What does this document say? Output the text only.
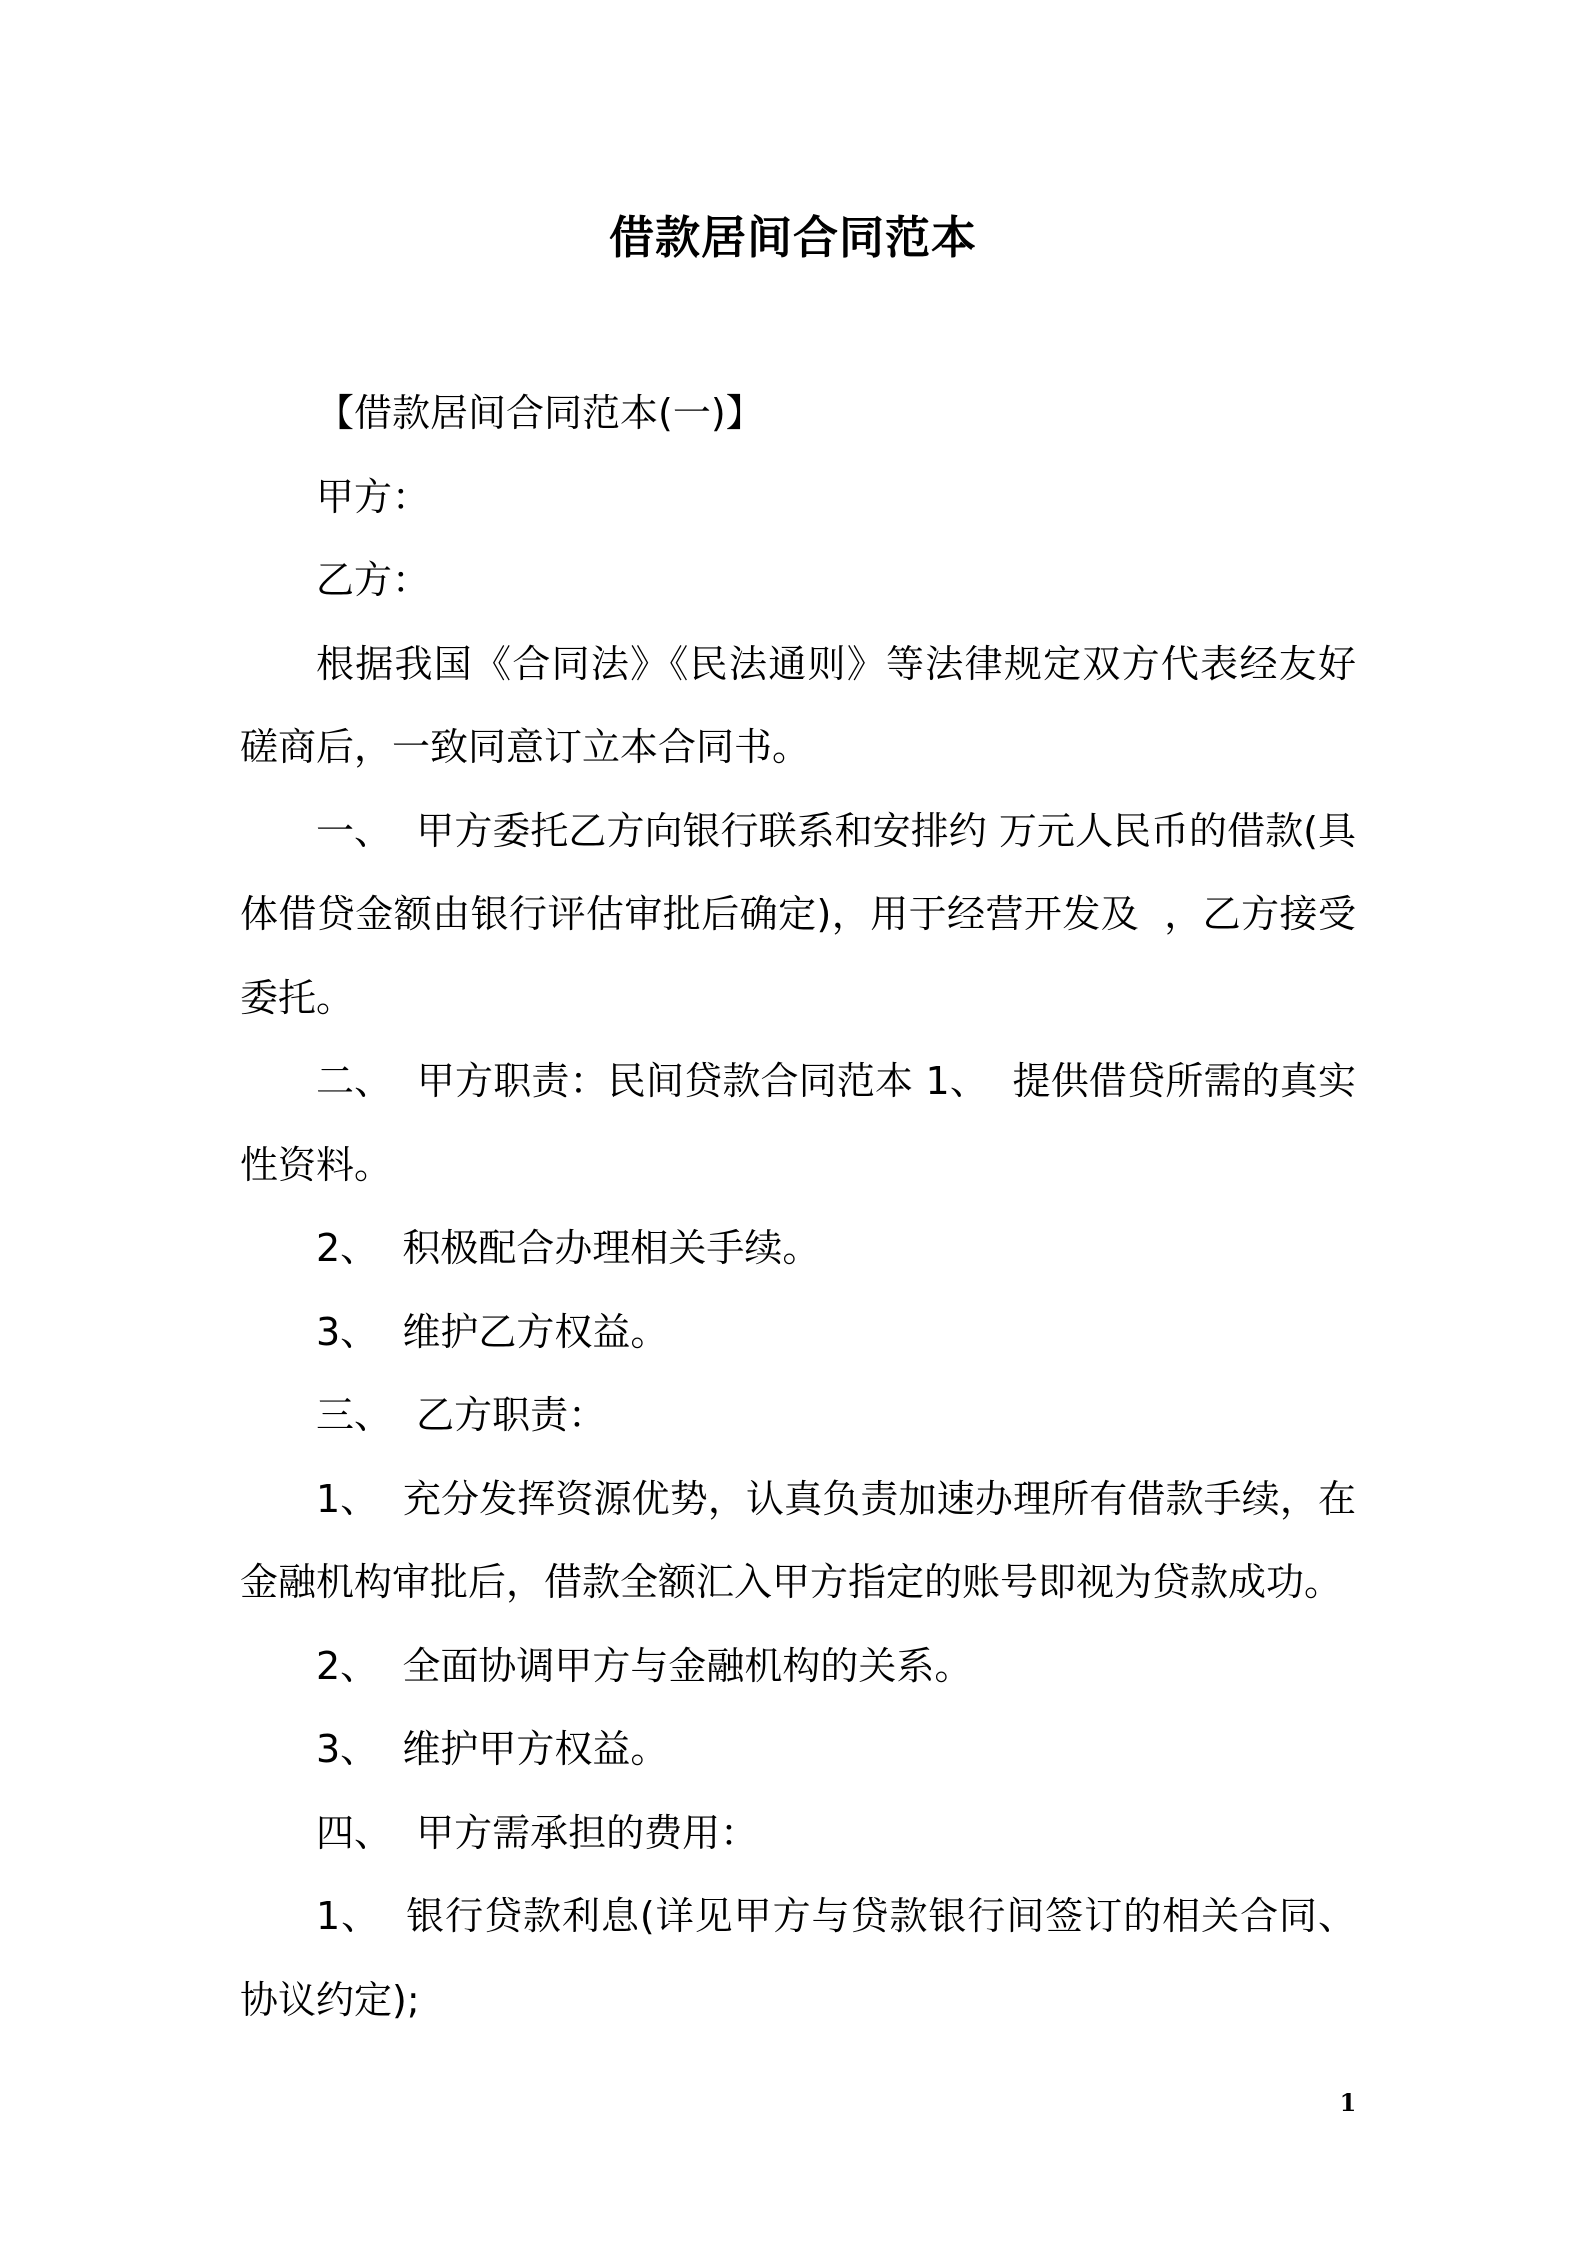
借款居间合同范本

【借款居间合同范本(一)】

甲方：

乙方：

根据我国《合同法》《民法通则》等法律规定双方代表经友好磋商后，一致同意订立本合同书。

一、  甲方委托乙方向银行联系和安排约 万元人民币的借款(具体借贷金额由银行评估审批后确定)，用于经营开发及  ，乙方接受委托。

二、  甲方职责：民间贷款合同范本 1、  提供借贷所需的真实性资料。

2、  积极配合办理相关手续。

3、  维护乙方权益。

三、  乙方职责：

1、  充分发挥资源优势，认真负责加速办理所有借款手续，在金融机构审批后，借款全额汇入甲方指定的账号即视为贷款成功。

2、  全面协调甲方与金融机构的关系。

3、  维护甲方权益。

四、  甲方需承担的费用：

1、  银行贷款利息(详见甲方与贷款银行间签订的相关合同、协议约定);

1
